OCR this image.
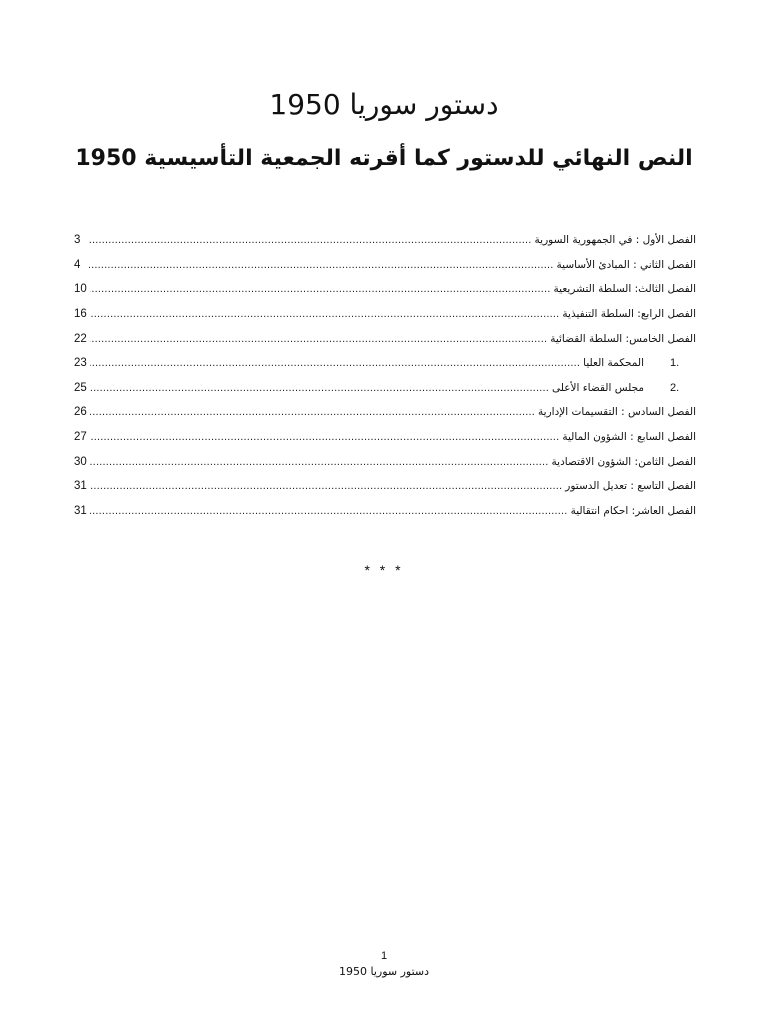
دستور سوريا 1950
النص النهائي للدستور كما أقرته الجمعية التأسيسية 1950
3 .....	الفصل الأول : في الجمهورية السورية
4 .....	الفصل الثاني : المبادئ الأساسية
10 .....	الفصل الثالث: السلطة التشريعية
16 .....	الفصل الرابع: السلطة التنفيذية
22 .....	الفصل الخامس: السلطة القضائية
23 .....	المحكمة العليا 1.
25 .....	مجلس القضاء الأعلى 2.
26 .....	الفصل السادس : التقسيمات الإدارية
27 .....	الفصل السابع : الشؤون المالية
30 .....	الفصل الثامن: الشؤون الاقتصادية
31 .....	الفصل التاسع : تعديل الدستور
31 .....	الفصل العاشر: احكام انتقالية
* * *
1
دستور سوريا 1950
